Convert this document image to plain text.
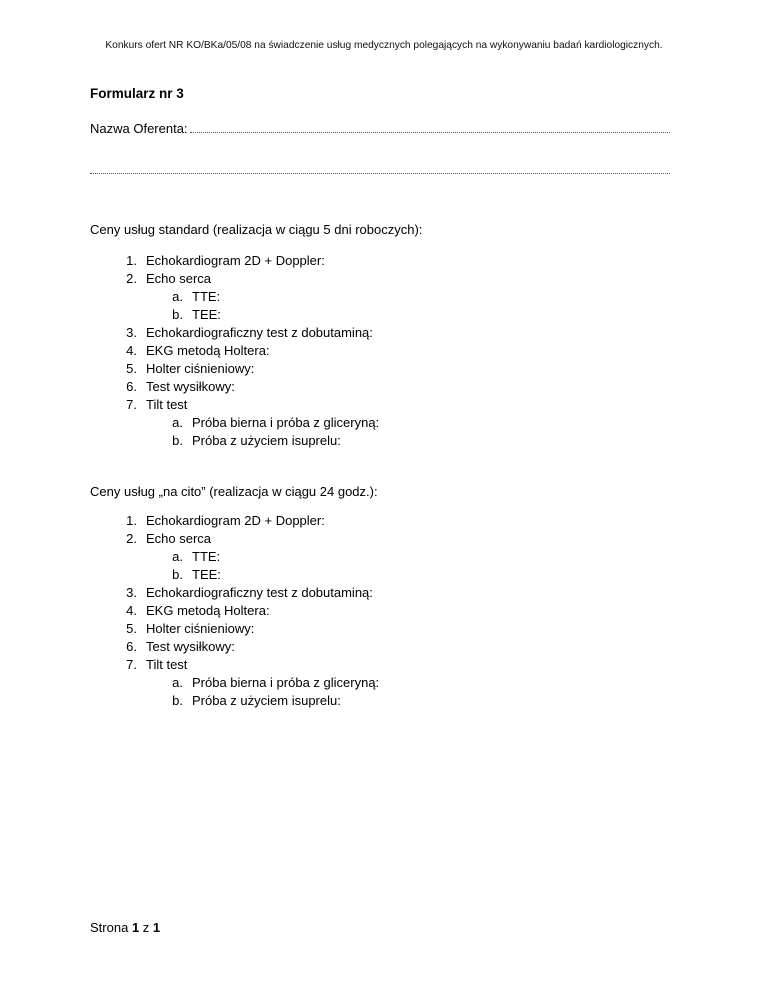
Konkurs ofert NR KO/BKa/05/08 na świadczenie usług medycznych polegających na wykonywaniu badań kardiologicznych.
Formularz nr 3
Nazwa Oferenta:
Ceny usług standard (realizacja w ciągu 5 dni roboczych):
1. Echokardiogram 2D + Doppler:
2. Echo serca
a. TTE:
b. TEE:
3. Echokardiograficzny test z dobutaminą:
4. EKG metodą Holtera:
5. Holter ciśnieniowy:
6. Test wysiłkowy:
7. Tilt test
a. Próba bierna i próba z gliceryną:
b. Próba z użyciem isuprelu:
Ceny usług „na cito” (realizacja w ciągu 24 godz.):
1. Echokardiogram 2D + Doppler:
2. Echo serca
a. TTE:
b. TEE:
3. Echokardiograficzny test z dobutaminą:
4. EKG metodą Holtera:
5. Holter ciśnieniowy:
6. Test wysiłkowy:
7. Tilt test
a. Próba bierna i próba z gliceryną:
b. Próba z użyciem isuprelu:
Strona 1 z 1
